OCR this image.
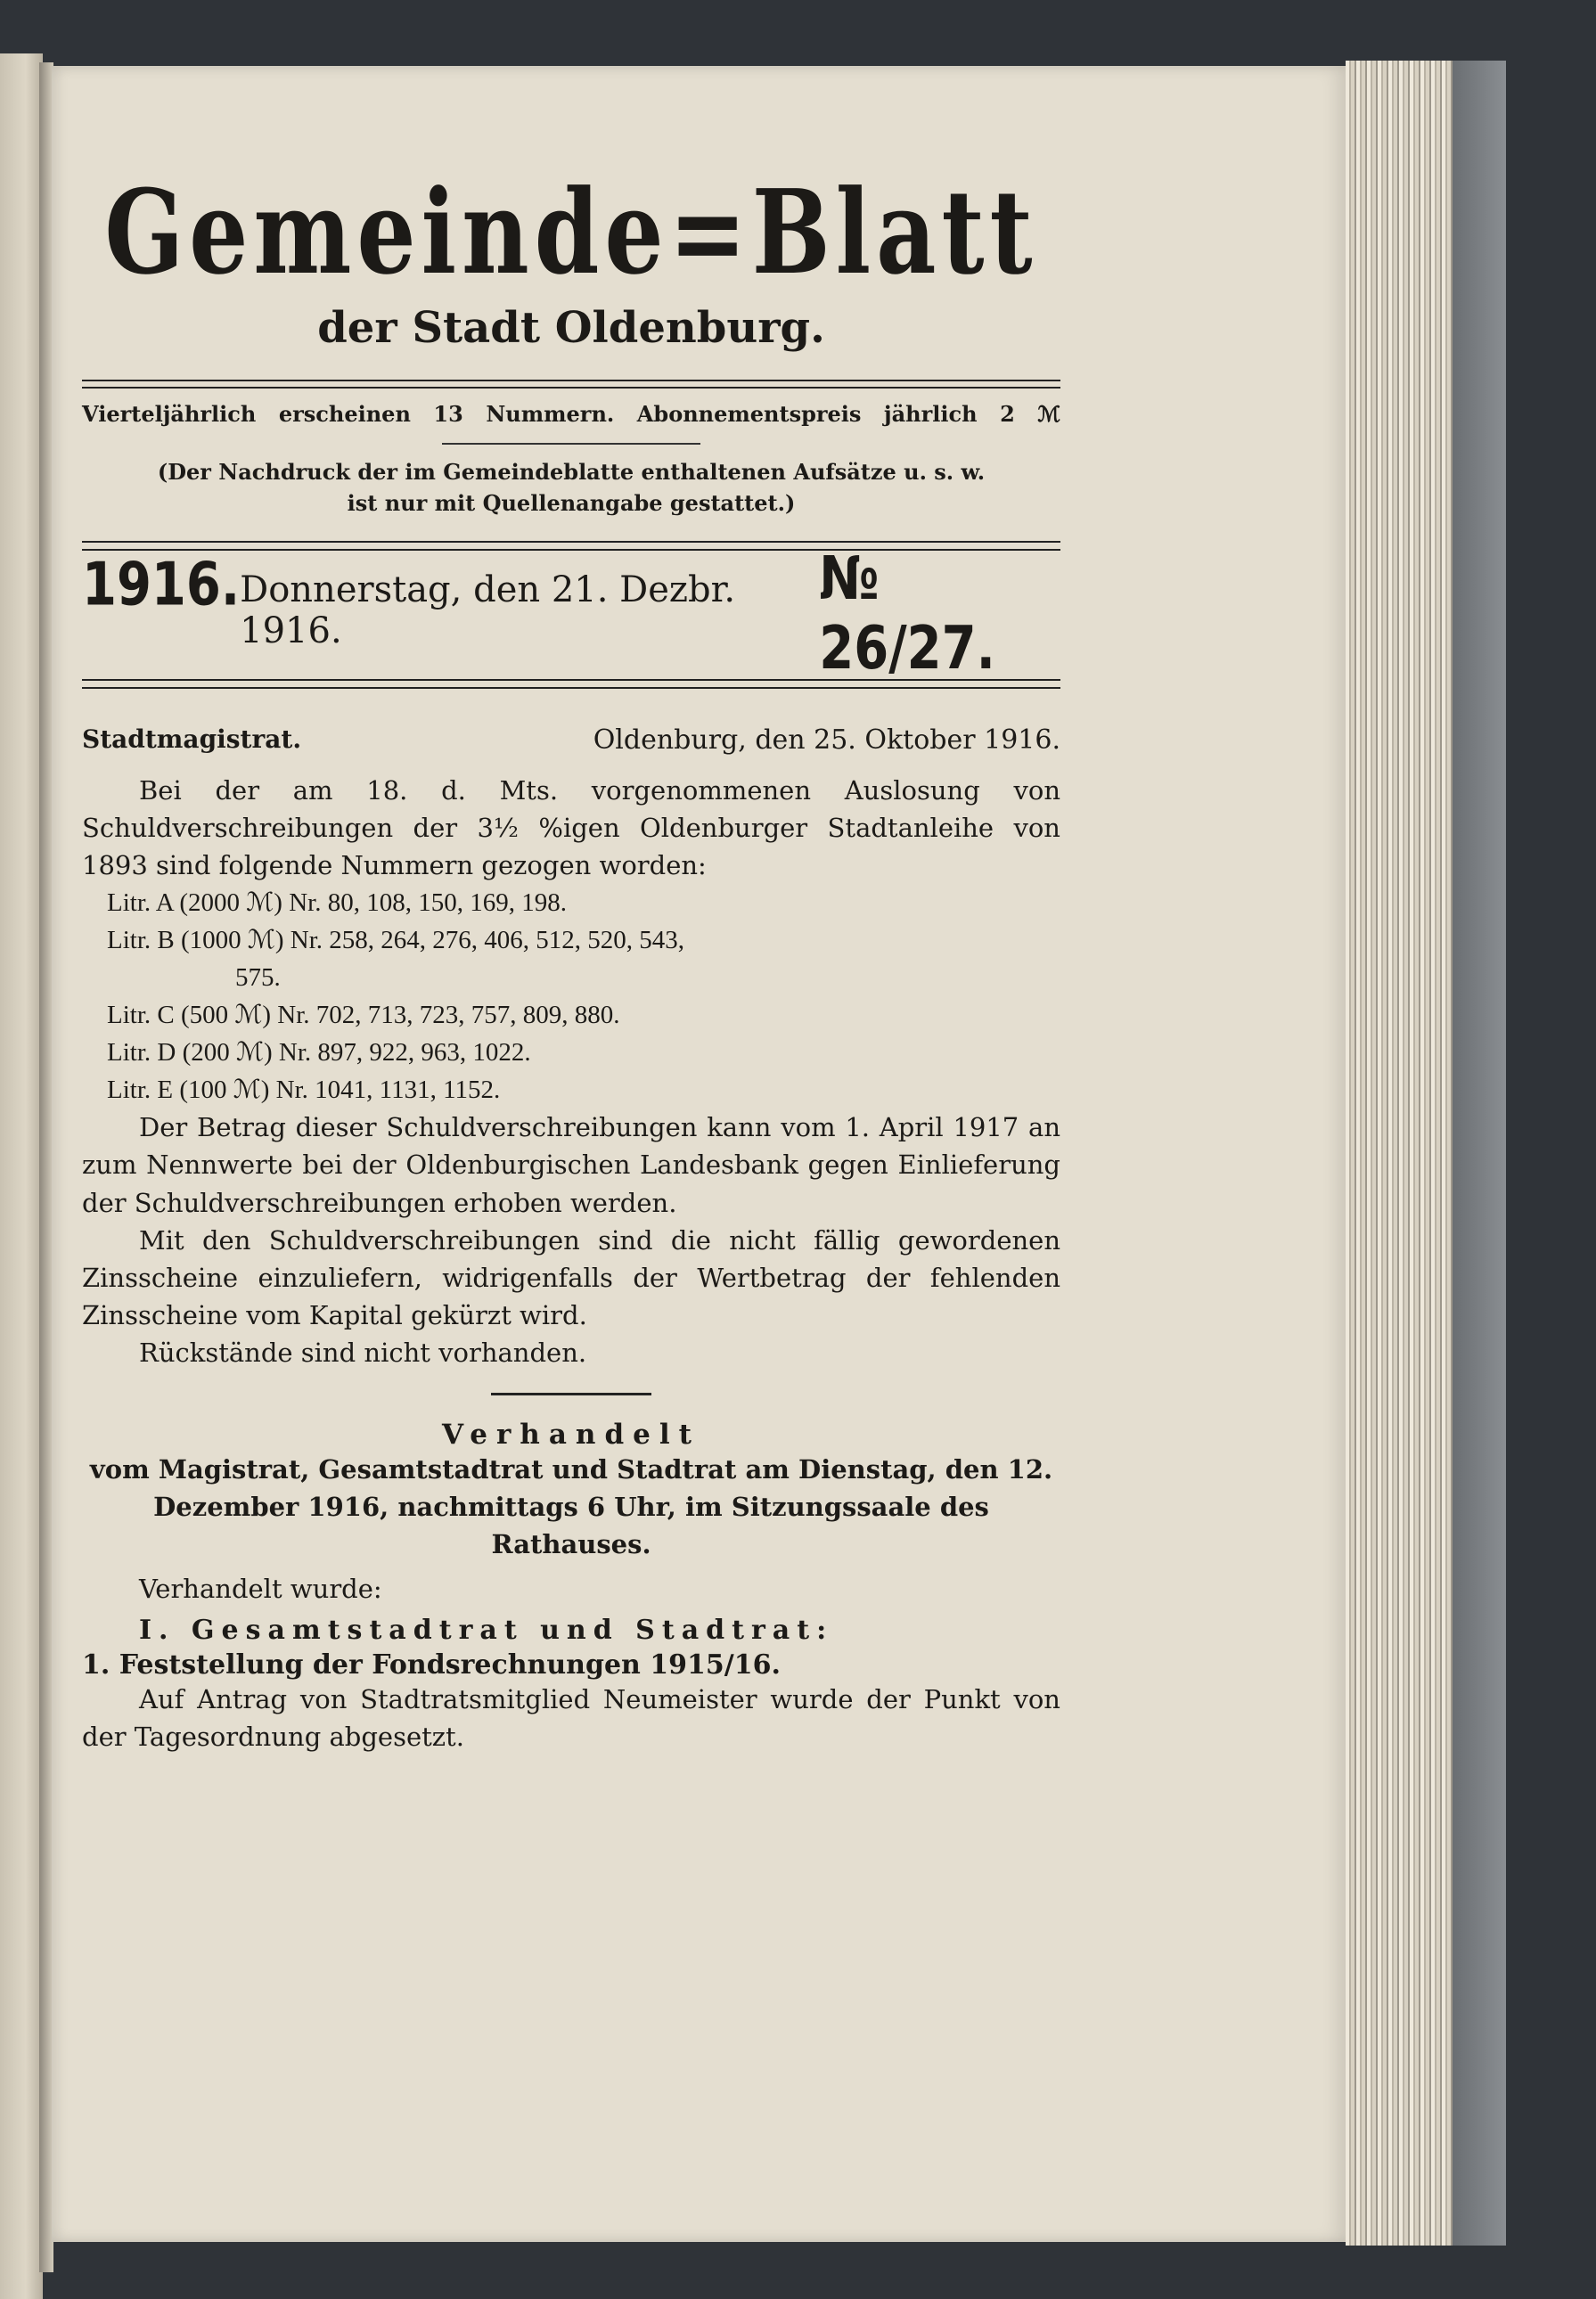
Gemeinde=Blatt
der Stadt Oldenburg.
Vierteljährlich erscheinen 13 Nummern. Abonnementspreis jährlich 2 ℳ
(Der Nachdruck der im Gemeindeblatte enthaltenen Aufsätze u. s. w.
ist nur mit Quellenangabe gestattet.)
1916. Donnerstag, den 21. Dezbr. 1916.
№ 26/27.
Stadtmagistrat.	Oldenburg, den 25. Oktober 1916.

Bei der am 18. d. Mts. vorgenommenen Auslosung von Schuldverschreibungen der 3½ %igen Oldenburger Stadtanleihe von 1893 sind folgende Nummern gezogen worden:

Litr. A (2000 ℳ) Nr. 80, 108, 150, 169, 198.
Litr. B (1000 ℳ) Nr. 258, 264, 276, 406, 512, 520, 543,
575.
Litr. C (500 ℳ) Nr. 702, 713, 723, 757, 809, 880.
Litr. D (200 ℳ) Nr. 897, 922, 963, 1022.
Litr. E (100 ℳ) Nr. 1041, 1131, 1152.

Der Betrag dieser Schuldverschreibungen kann vom 1. April 1917 an zum Nennwerte bei der Oldenburgischen Landesbank gegen Einlieferung der Schuldverschreibungen erhoben werden.

Mit den Schuldverschreibungen sind die nicht fällig gewordenen Zinsscheine einzuliefern, widrigenfalls der Wertbetrag der fehlenden Zinsscheine vom Kapital gekürzt wird.

Rückstände sind nicht vorhanden.

Verhandelt
vom Magistrat, Gesamtstadtrat und Stadtrat am Dienstag, den 12. Dezember 1916, nachmittags 6 Uhr, im Sitzungssaale des Rathauses.

Verhandelt wurde:

I. Gesamtstadtrat und Stadtrat:
1. Feststellung der Fondsrechnungen 1915/16.

Auf Antrag von Stadtratsmitglied Neumeister wurde der Punkt von der Tagesordnung abgesetzt.
